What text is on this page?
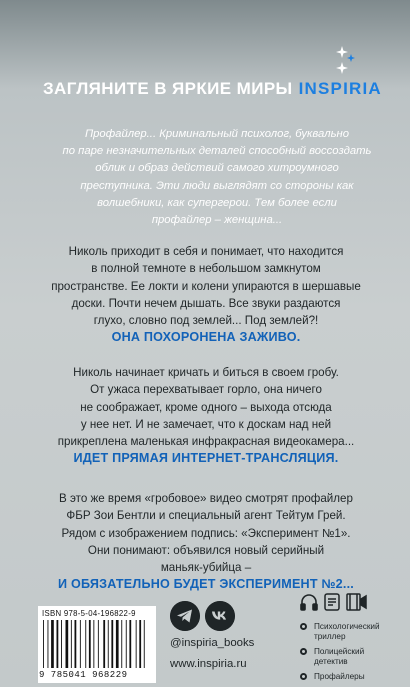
ЗАГЛЯНИТЕ В ЯРКИЕ МИРЫ INSPIRIA
Профайлер... Криминальный психолог, буквально
по паре незначительных деталей способный воссоздать
облик и образ действий самого хитроумного
преступника. Эти люди выглядят со стороны как
волшебники, как супергерои. Тем более если
профайлер – женщина...

Николь приходит в себя и понимает, что находится

в полной темноте в небольшом замкнутом

пространстве. Ее локти и колени упираются в шершавые

доски. Почти нечем дышать. Все звуки раздаются

глухо, словно под землей... Под землей?!

ОНА ПОХОРОНЕНА ЗАЖИВО.

Николь начинает кричать и биться в своем гробу.

От ужаса перехватывает горло, она ничего

не соображает, кроме одного – выхода отсюда

у нее нет. И не замечает, что к доскам над ней

прикреплена маленькая инфракрасная видеокамера...

ИДЕТ ПРЯМАЯ ИНТЕРНЕТ-ТРАНСЛЯЦИЯ.

В это же время «гробовое» видео смотрят профайлер

ФБР Зои Бентли и специальный агент Тейтум Грей.

Рядом с изображением подпись: «Эксперимент №1».

Они понимают: объявился новый серийный

маньяк-убийца –

И ОБЯЗАТЕЛЬНО БУДЕТ ЭКСПЕРИМЕНТ №2...

ISBN 978-5-04-196822-9
9 785041 968229
@inspiria_books
www.inspiria.ru
Психологический триллер
Полицейский детектив
Профайлеры
